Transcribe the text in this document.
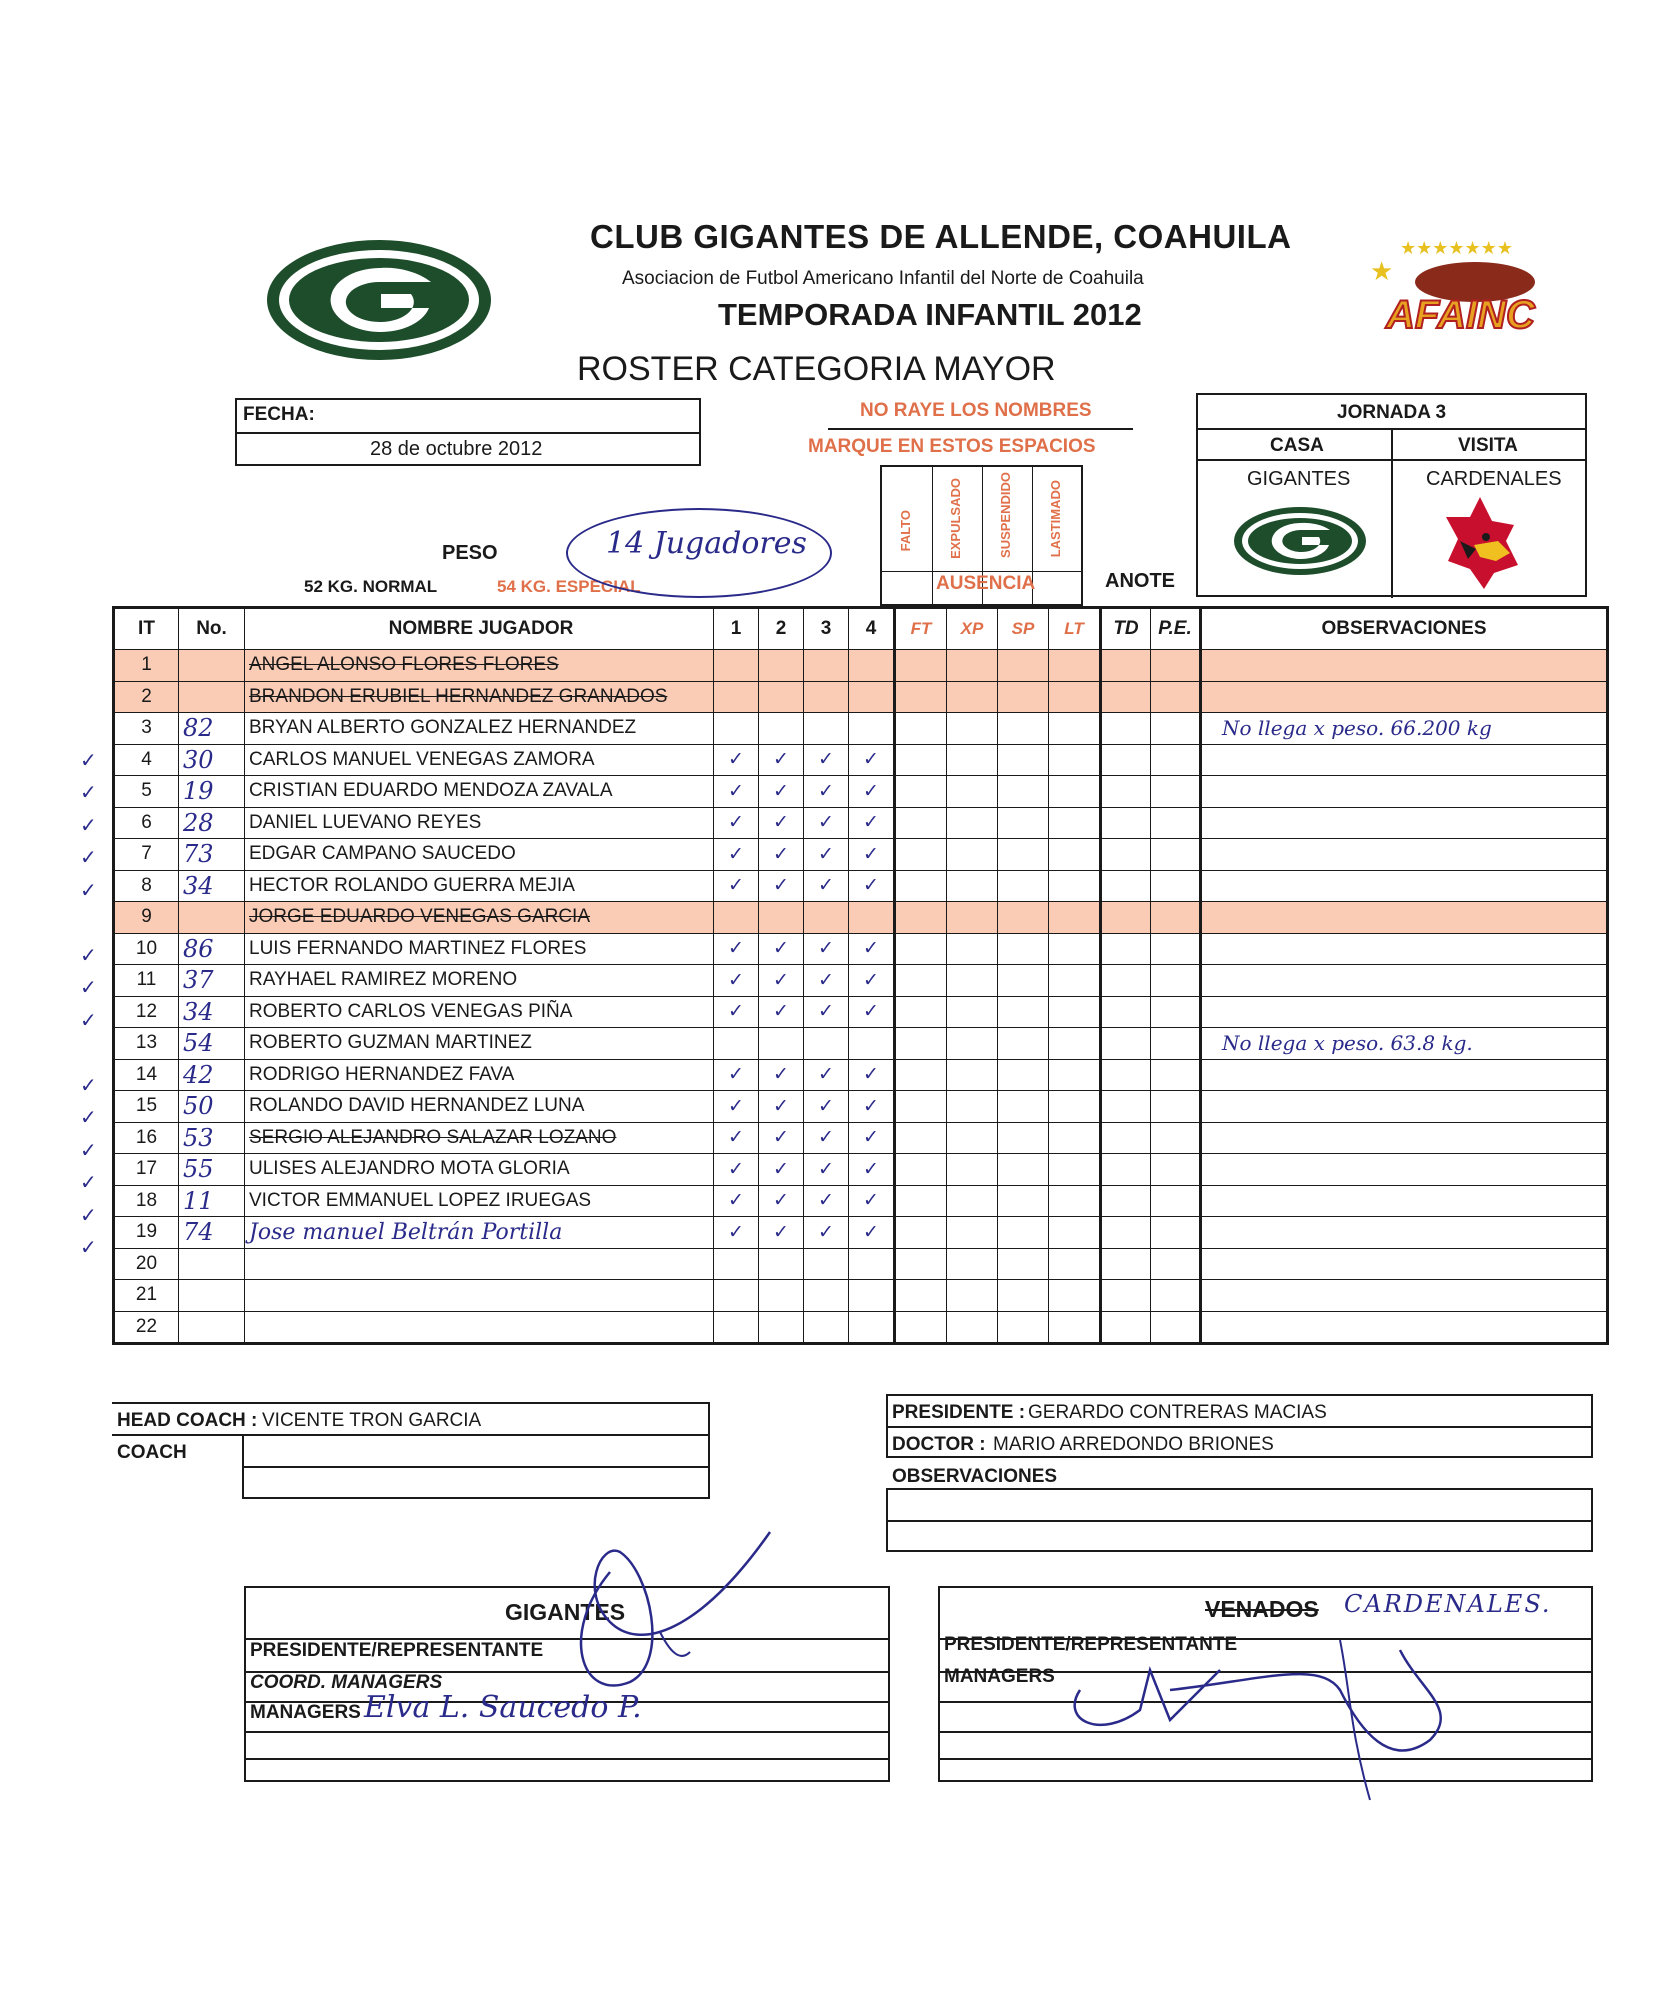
CLUB GIGANTES DE ALLENDE, COAHUILA
Asociacion de Futbol Americano Infantil del Norte de Coahuila
TEMPORADA INFANTIL 2012
ROSTER CATEGORIA MAYOR
★
★★★★★★★
AFAINC
FECHA:
28 de octubre 2012
NO RAYE LOS NOMBRES
MARQUE EN ESTOS ESPACIOS
JORNADA 3
CASA	VISITA
GIGANTES	CARDENALES
PESO
52 KG. NORMAL	54 KG. ESPECIAL
14 Jugadores	FALTO	EXPULSADO	SUSPENDIDO	LASTIMADO
AUSENCIA	ANOTE
✓
✓
✓
✓
✓
✓
✓
✓
✓
✓
✓
✓
✓
✓
IT	No.	NOMBRE JUGADOR	1	2	3	4	FT	XP	SP	LT	TD	P.E.	OBSERVACIONES
1		ANGEL ALONSO FLORES FLORES											
2		BRANDON ERUBIEL HERNANDEZ GRANADOS											
3	82	BRYAN ALBERTO GONZALEZ HERNANDEZ											No llega x peso. 66.200 kg
4	30	CARLOS MANUEL VENEGAS ZAMORA	✓	✓	✓	✓							
5	19	CRISTIAN EDUARDO MENDOZA ZAVALA	✓	✓	✓	✓							
6	28	DANIEL LUEVANO REYES	✓	✓	✓	✓							
7	73	EDGAR CAMPANO SAUCEDO	✓	✓	✓	✓							
8	34	HECTOR ROLANDO GUERRA MEJIA	✓	✓	✓	✓							
9		JORGE EDUARDO VENEGAS GARCIA											
10	86	LUIS FERNANDO MARTINEZ FLORES	✓	✓	✓	✓							
11	37	RAYHAEL RAMIREZ MORENO	✓	✓	✓	✓							
12	34	ROBERTO CARLOS VENEGAS PIÑA	✓	✓	✓	✓							
13	54	ROBERTO GUZMAN MARTINEZ											No llega x peso. 63.8 kg.
14	42	RODRIGO HERNANDEZ FAVA	✓	✓	✓	✓							
15	50	ROLANDO DAVID HERNANDEZ LUNA	✓	✓	✓	✓							
16	53	SERGIO ALEJANDRO SALAZAR LOZANO	✓	✓	✓	✓							
17	55	ULISES ALEJANDRO MOTA GLORIA	✓	✓	✓	✓							
18	11	VICTOR EMMANUEL LOPEZ IRUEGAS	✓	✓	✓	✓							
19	74	Jose manuel Beltrán Portilla	✓	✓	✓	✓							
20													
21													
22													
HEAD COACH : VICENTE TRON GARCIA
COACH
PRESIDENTE : GERARDO CONTRERAS MACIAS
DOCTOR : MARIO ARREDONDO BRIONES
OBSERVACIONES
GIGANTES
PRESIDENTE/REPRESENTANTE
COORD. MANAGERS
MANAGERS Elva L. Saucedo P.
VENADOS CARDENALES.
PRESIDENTE/REPRESENTANTE
MANAGERS
